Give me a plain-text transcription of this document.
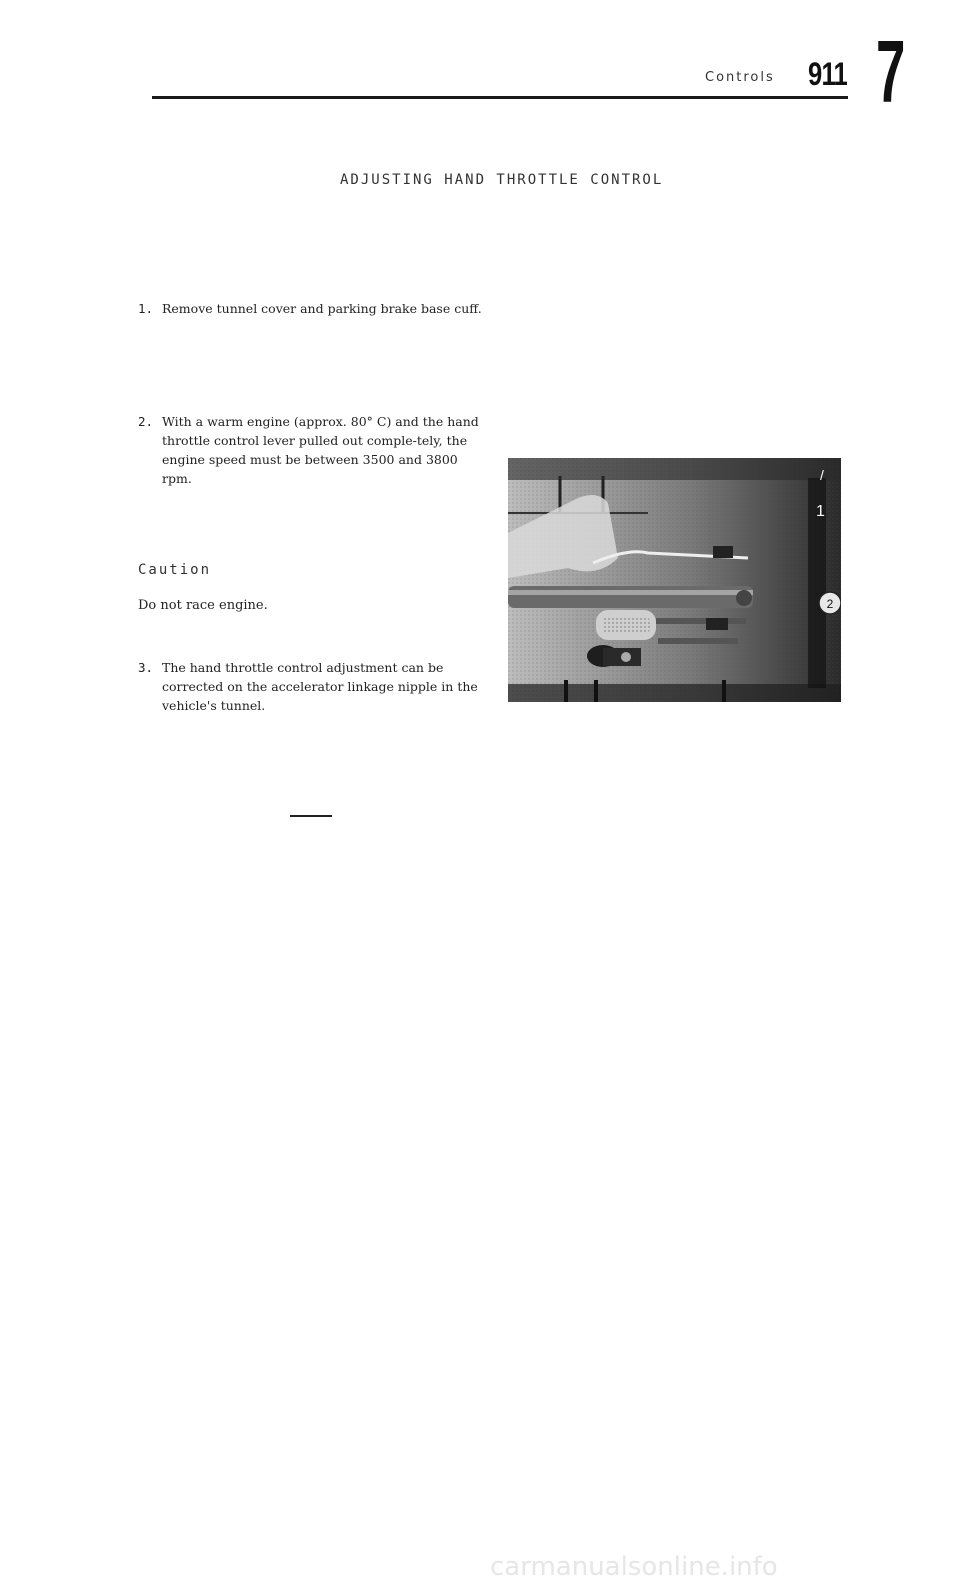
Controls 911 7
ADJUSTING HAND THROTTLE CONTROL
1. Remove tunnel cover and parking brake base cuff.
2. With a warm engine (approx. 80° C) and the hand throttle control lever pulled out comple-tely, the engine speed must be between 3500 and 3800 rpm.
Caution
Do not race engine.
3. The hand throttle control adjustment can be corrected on the accelerator linkage nipple in the vehicle's tunnel.
2
/
1
carmanualsonline.info
